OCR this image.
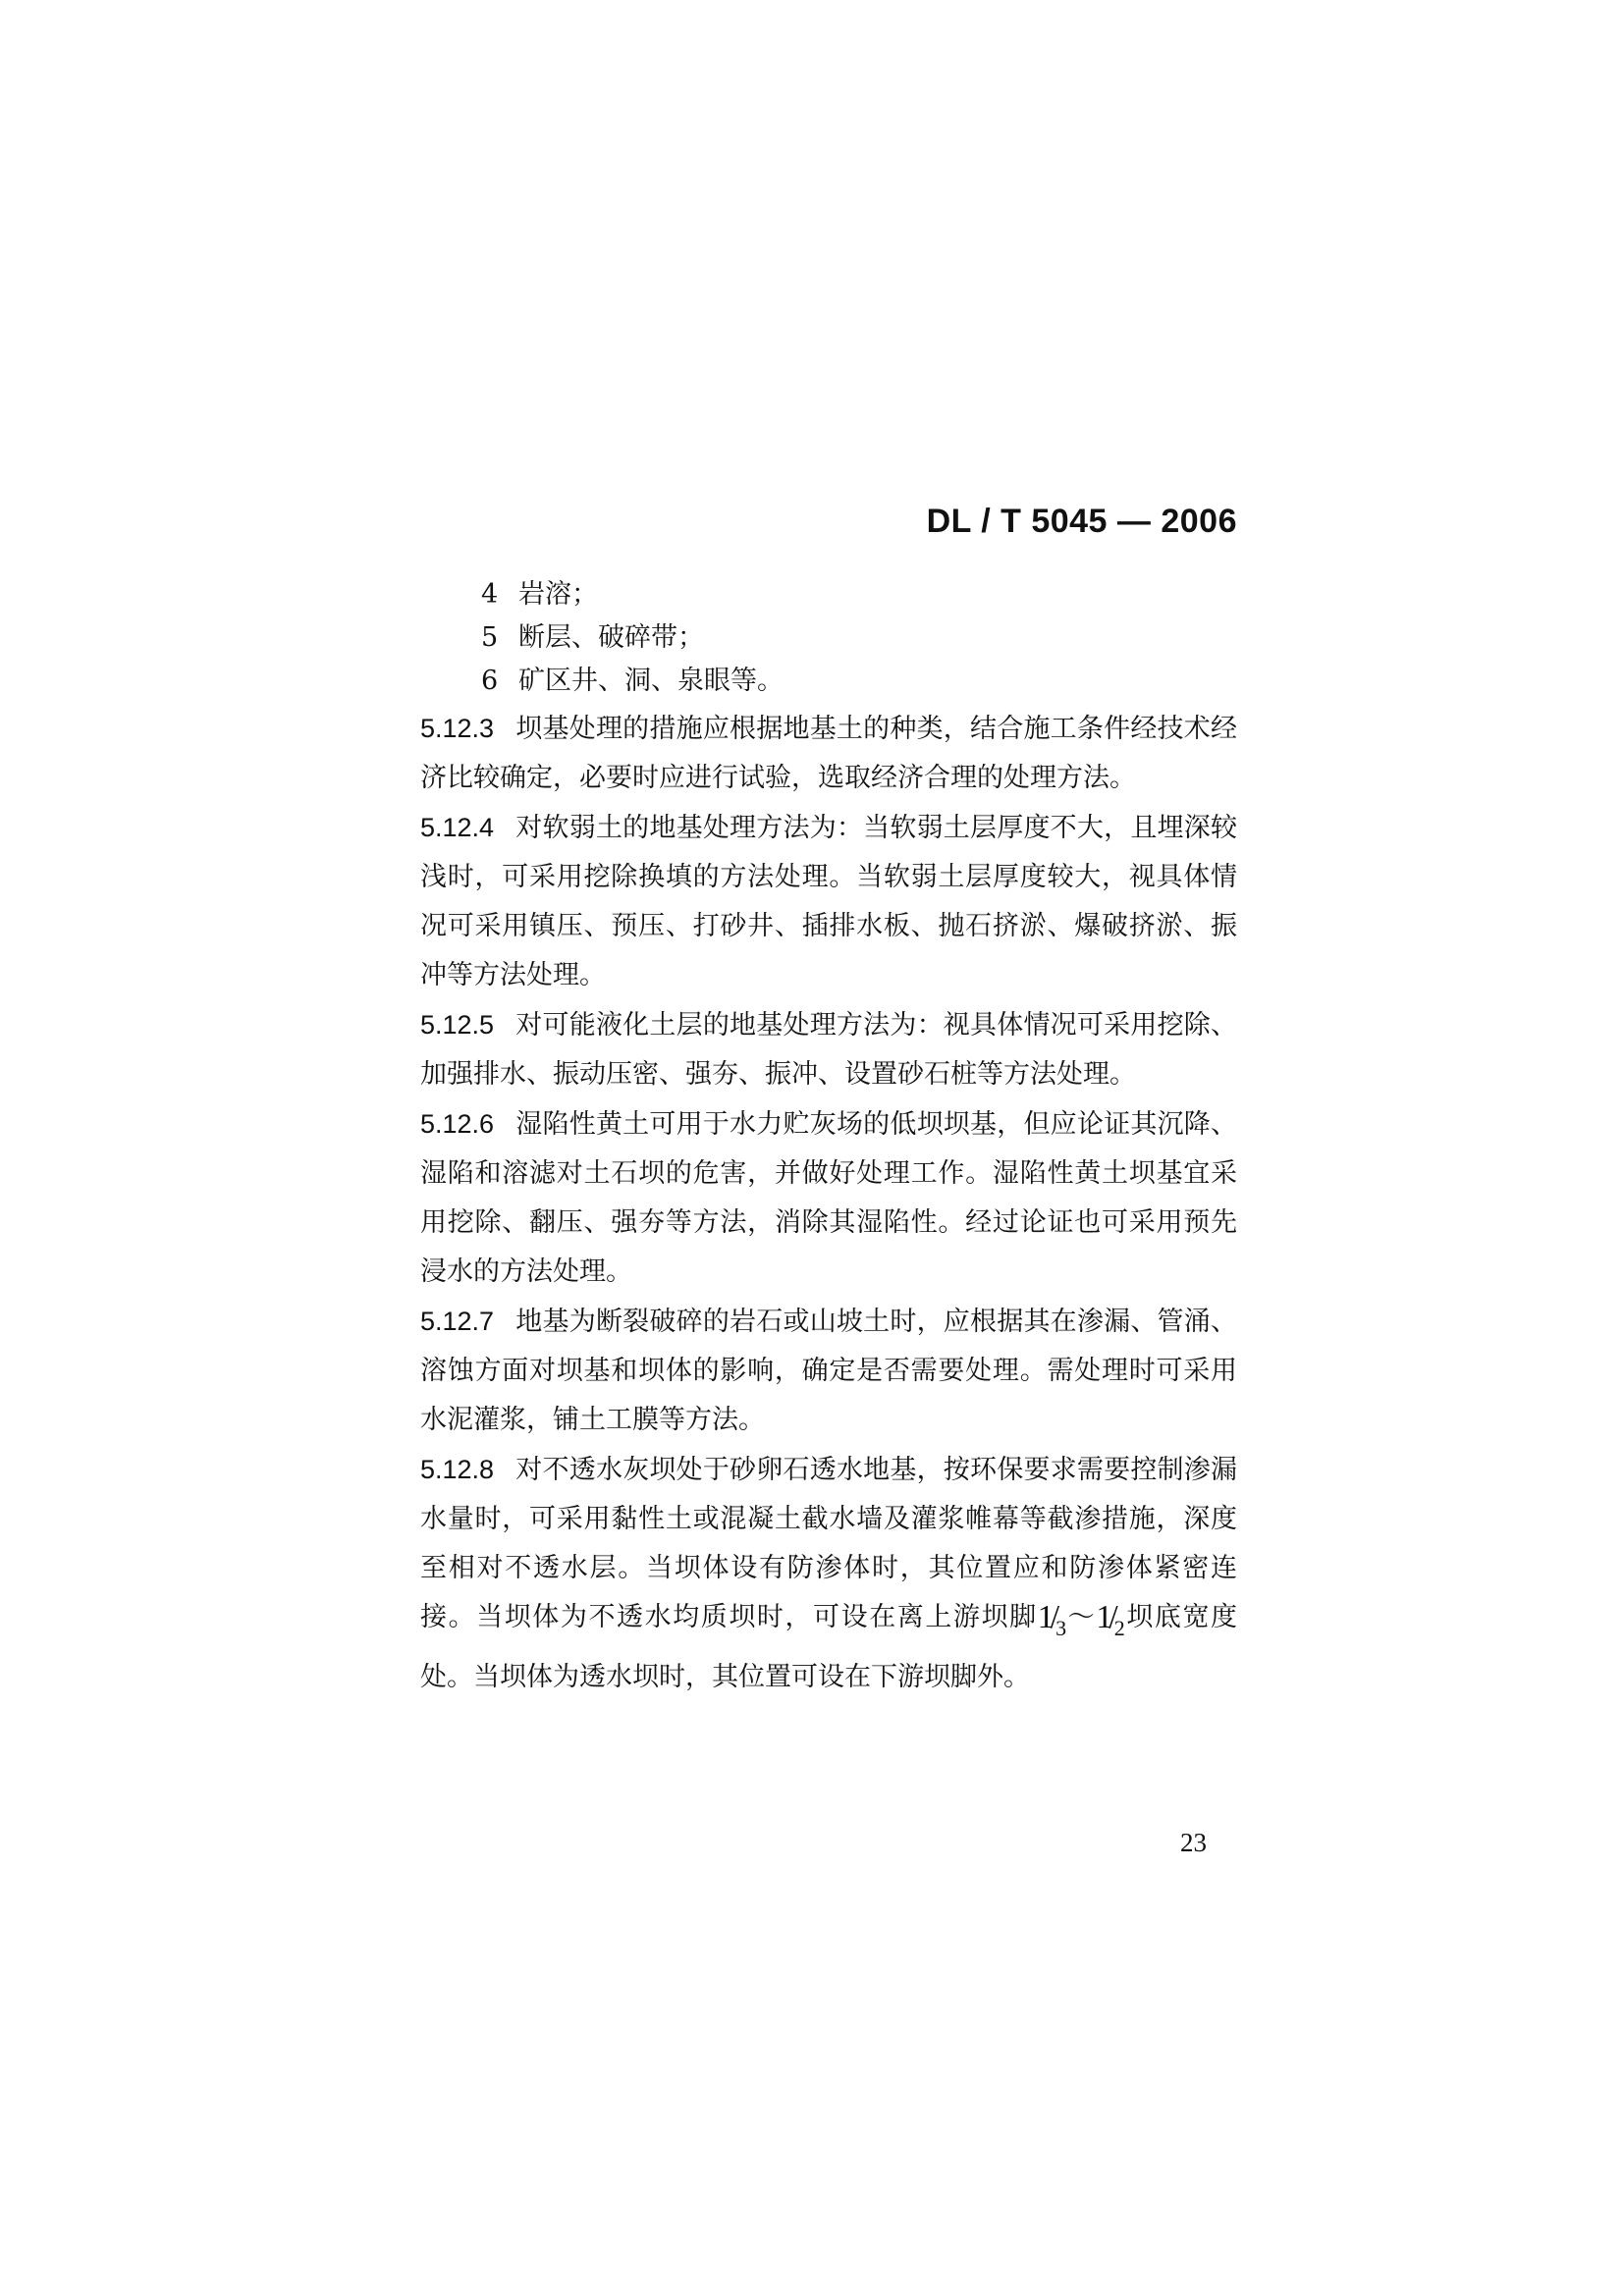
DL / T 5045 — 2006
4 岩溶；
5 断层、破碎带；
6 矿区井、洞、泉眼等。

5.12.3 坝基处理的措施应根据地基土的种类，结合施工条件经技术经济比较确定，必要时应进行试验，选取经济合理的处理方法。

5.12.4 对软弱土的地基处理方法为：当软弱土层厚度不大，且埋深较浅时，可采用挖除换填的方法处理。当软弱土层厚度较大，视具体情况可采用镇压、预压、打砂井、插排水板、抛石挤淤、爆破挤淤、振冲等方法处理。

5.12.5 对可能液化土层的地基处理方法为：视具体情况可采用挖除、加强排水、振动压密、强夯、振冲、设置砂石桩等方法处理。

5.12.6 湿陷性黄土可用于水力贮灰场的低坝坝基，但应论证其沉降、湿陷和溶滤对土石坝的危害，并做好处理工作。湿陷性黄土坝基宜采用挖除、翻压、强夯等方法，消除其湿陷性。经过论证也可采用预先浸水的方法处理。

5.12.7 地基为断裂破碎的岩石或山坡土时，应根据其在渗漏、管涌、溶蚀方面对坝基和坝体的影响，确定是否需要处理。需处理时可采用水泥灌浆，铺土工膜等方法。

5.12.8 对不透水灰坝处于砂卵石透水地基，按环保要求需要控制渗漏水量时，可采用黏性土或混凝土截水墙及灌浆帷幕等截渗措施，深度至相对不透水层。当坝体设有防渗体时，其位置应和防渗体紧密连接。当坝体为不透水均质坝时，可设在离上游坝脚$1/_3\sim 1/_2$坝底宽度处。当坝体为透水坝时，其位置可设在下游坝脚外。

23
